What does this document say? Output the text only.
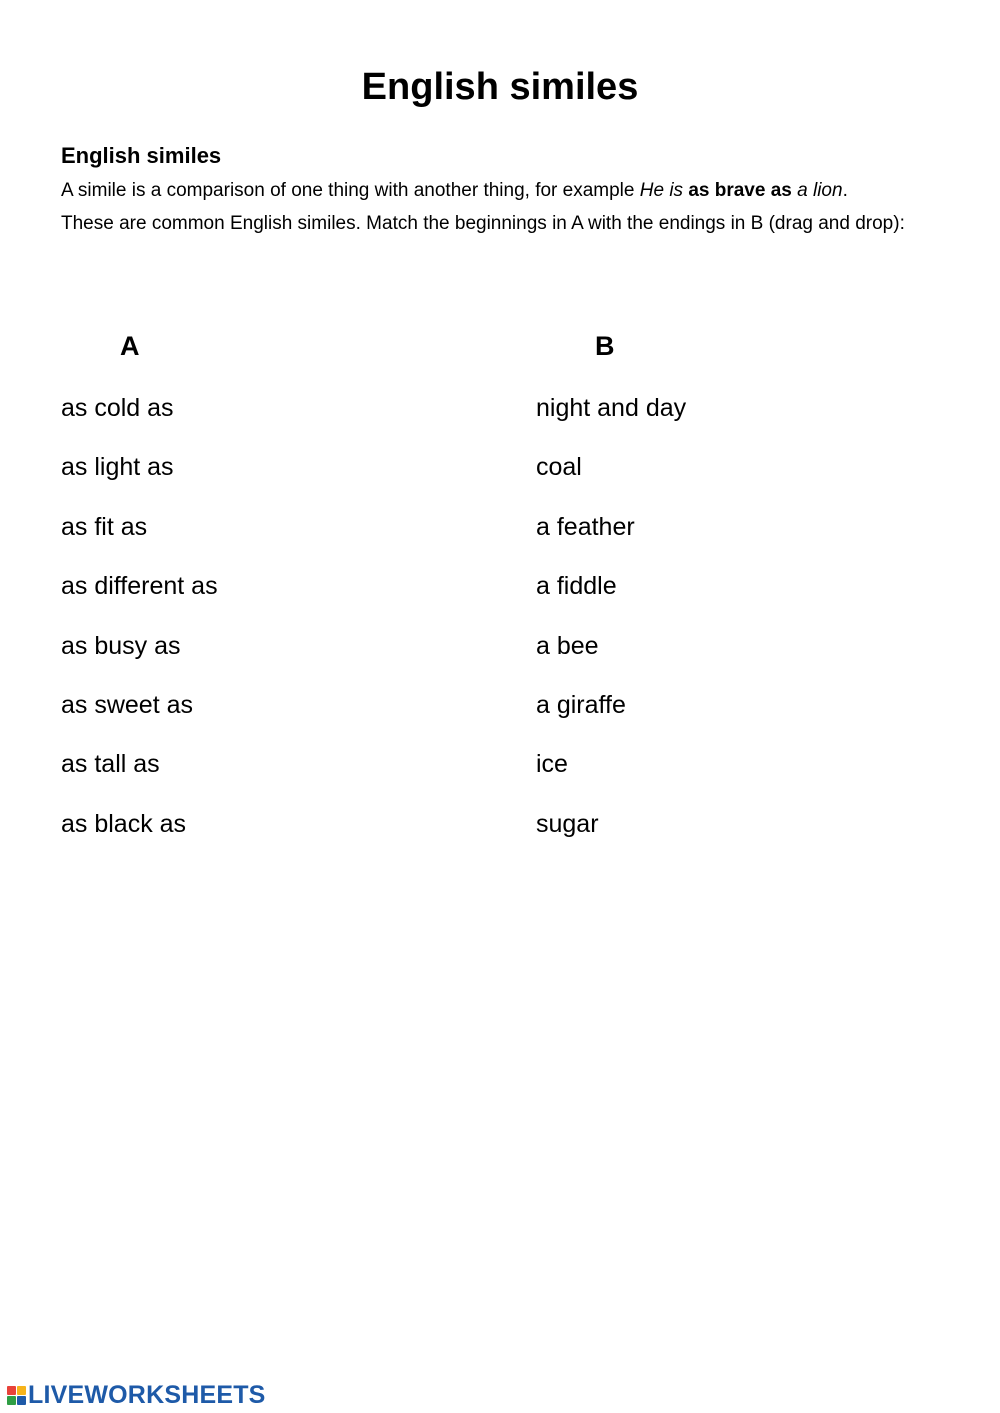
English similes
English similes

A simile is a comparison of one thing with another thing, for example He is as brave as a lion.

These are common English similes. Match the beginnings in A with the endings in B (drag and drop):

A	B
as cold as
as light as
as fit as
as different as
as busy as
as sweet as
as tall as
as black as
night and day
coal
a feather
a fiddle
a bee
a giraffe
ice
sugar
LIVEWORKSHEETS
